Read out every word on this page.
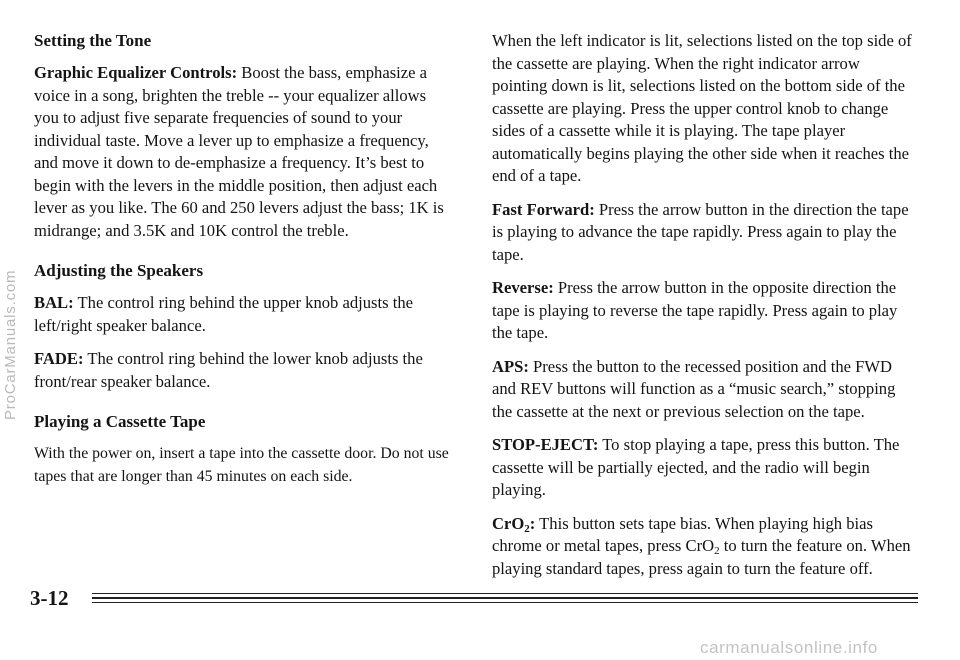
Setting the Tone

Graphic Equalizer Controls: Boost the bass, emphasize a voice in a song, brighten the treble -- your equalizer allows you to adjust five separate frequencies of sound to your individual taste. Move a lever up to emphasize a frequency, and move it down to de-emphasize a frequency. It’s best to begin with the levers in the middle position, then adjust each lever as you like. The 60 and 250 levers adjust the bass; 1K is midrange; and 3.5K and 10K control the treble.

Adjusting the Speakers

BAL: The control ring behind the upper knob adjusts the left/right speaker balance.

FADE: The control ring behind the lower knob adjusts the front/rear speaker balance.

Playing a Cassette Tape

With the power on, insert a tape into the cassette door. Do not use tapes that are longer than 45 minutes on each side.

When the left indicator is lit, selections listed on the top side of the cassette are playing. When the right indicator arrow pointing down is lit, selections listed on the bottom side of the cassette are playing. Press the upper control knob to change sides of a cassette while it is playing. The tape player automatically begins playing the other side when it reaches the end of a tape.

Fast Forward: Press the arrow button in the direction the tape is playing to advance the tape rapidly. Press again to play the tape.

Reverse: Press the arrow button in the opposite direction the tape is playing to reverse the tape rapidly. Press again to play the tape.

APS: Press the button to the recessed position and the FWD and REV buttons will function as a “music search,” stopping the cassette at the next or previous selection on the tape.

STOP-EJECT: To stop playing a tape, press this button. The cassette will be partially ejected, and the radio will begin playing.

CrO$_2$: This button sets tape bias. When playing high bias chrome or metal tapes, press CrO$_2$ to turn the feature on. When playing standard tapes, press again to turn the feature off.

3-12
ProCarManuals.com
carmanualsonline.info
